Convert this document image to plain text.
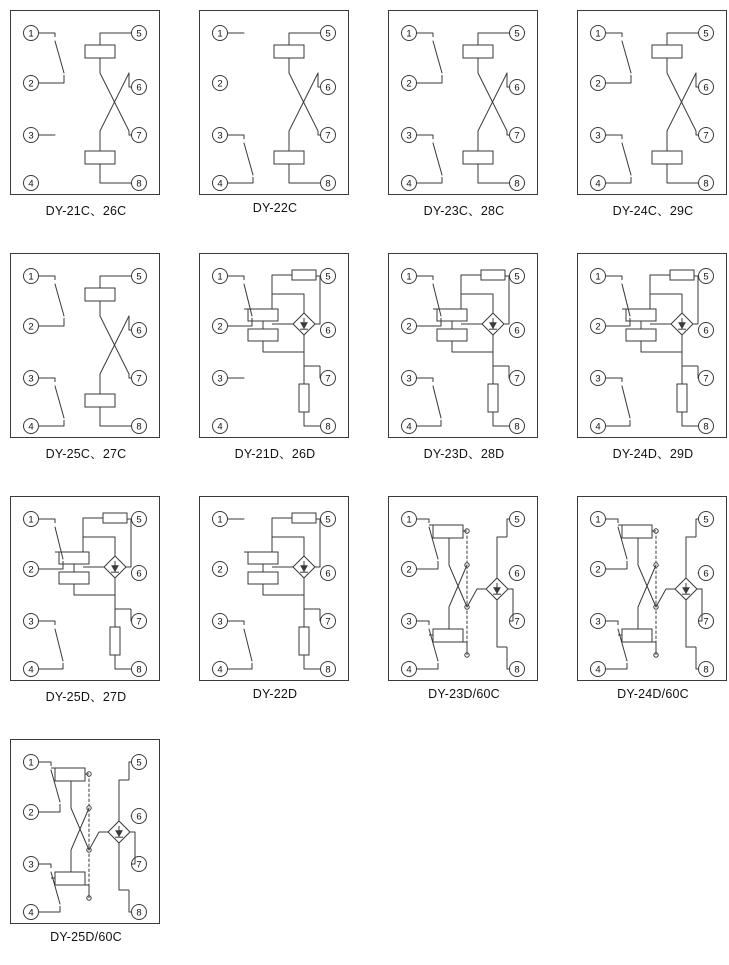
1
2
3
4
5
6
7
8
DY-21C、26C
1
2
3
4
5
6
7
8
DY-22C
1
2
3
4
5
6
7
8
DY-23C、28C
1
2
3
4
5
6
7
8
DY-24C、29C
1
2
3
4
5
6
7
8
DY-25C、27C
1
2
3
4
5
6
7
8
DY-21D、26D
1
2
3
4
5
6
7
8
DY-23D、28D
1
2
3
4
5
6
7
8
DY-24D、29D
1
2
3
4
5
6
7
8
DY-25D、27D
1
2
3
4
5
6
7
8
DY-22D
1
2
3
4
5
6
7
8
DY-23D/60C
1
2
3
4
5
6
7
8
DY-24D/60C
1
2
3
4
5
6
7
8
DY-25D/60C
